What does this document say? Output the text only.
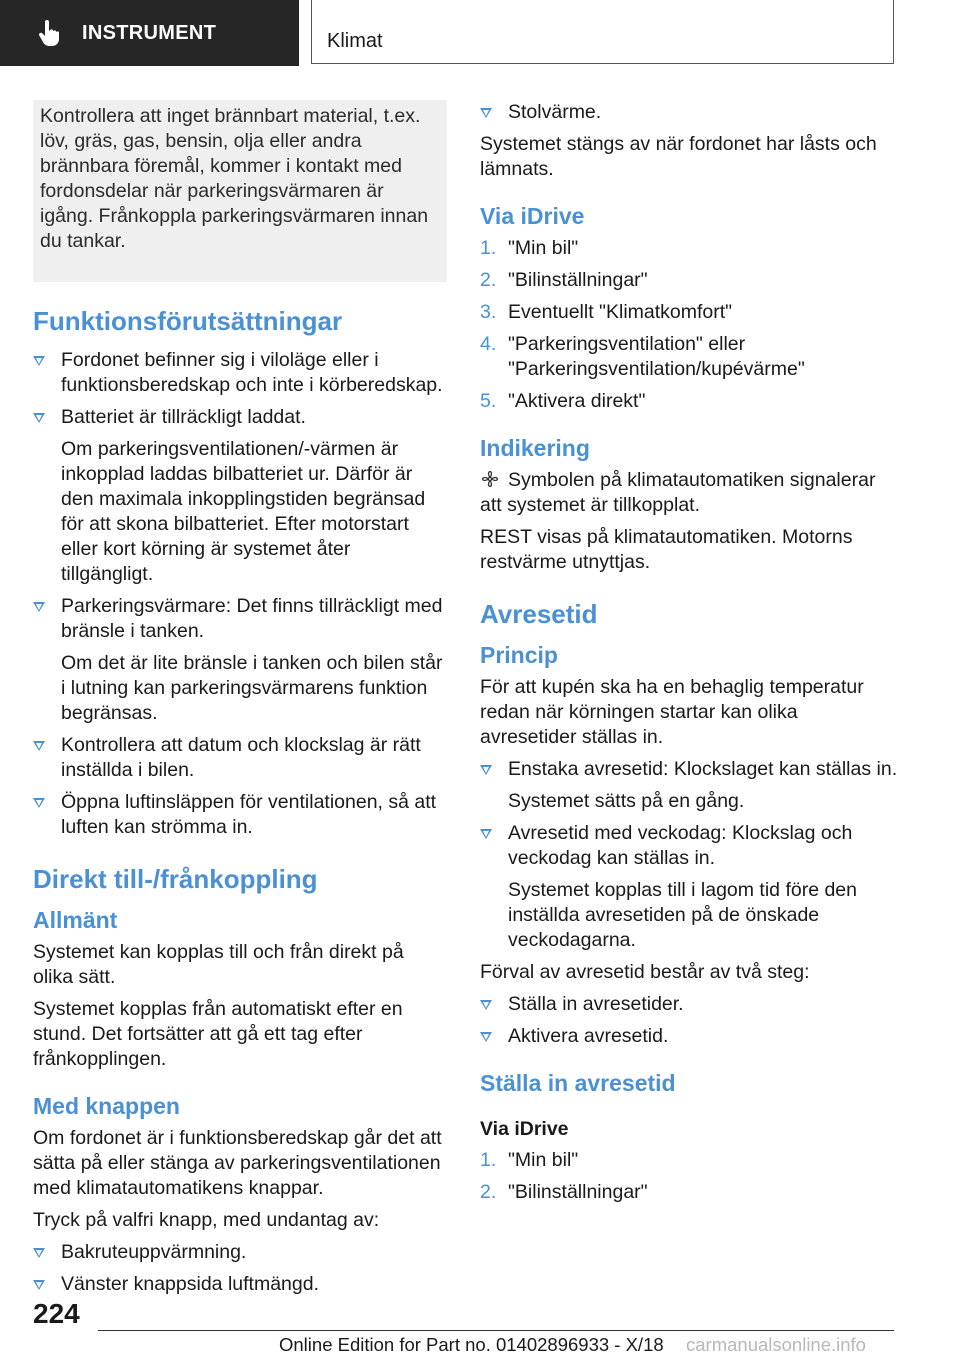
INSTRUMENT	Klimat
Kontrollera att inget brännbart material, t.ex. löv, gräs, gas, bensin, olja eller andra brännbara föremål, kommer i kontakt med fordonsdelar när parkeringsvärmaren är igång. Frånkoppla parkeringsvärmaren innan du tankar.
Funktionsförutsättningar
Fordonet befinner sig i viloläge eller i funktionsberedskap och inte i körberedskap.
Batteriet är tillräckligt laddat.
Om parkeringsventilationen/-värmen är inkopplad laddas bilbatteriet ur. Därför är den maximala inkopplingstiden begränsad för att skona bilbatteriet. Efter motorstart eller kort körning är systemet åter tillgängligt.
Parkeringsvärmare: Det finns tillräckligt med bränsle i tanken.
Om det är lite bränsle i tanken och bilen står i lutning kan parkeringsvärmarens funktion begränsas.
Kontrollera att datum och klockslag är rätt inställda i bilen.
Öppna luftinsläppen för ventilationen, så att luften kan strömma in.
Direkt till-/frånkoppling
Allmänt

Systemet kan kopplas till och från direkt på olika sätt.

Systemet kopplas från automatiskt efter en stund. Det fortsätter att gå ett tag efter frånkopplingen.

Med knappen

Om fordonet är i funktionsberedskap går det att sätta på eller stänga av parkeringsventilationen med klimatautomatikens knappar.

Tryck på valfri knapp, med undantag av:

Bakruteuppvärmning.
Vänster knappsida luftmängd.
Stolvärme.

Systemet stängs av när fordonet har låsts och lämnats.

Via iDrive
1. "Min bil"
2. "Bilinställningar"
3. Eventuellt "Klimatkomfort"
4. "Parkeringsventilation" eller "Parkeringsventilation/kupévärme"
5. "Aktivera direkt"
Indikering

Symbolen på klimatautomatiken signalerar att systemet är tillkopplat.

REST visas på klimatautomatiken. Motorns restvärme utnyttjas.

Avresetid
Princip

För att kupén ska ha en behaglig temperatur redan när körningen startar kan olika avresetider ställas in.

Enstaka avresetid: Klockslaget kan ställas in.
Systemet sätts på en gång.
Avresetid med veckodag: Klockslag och veckodag kan ställas in.
Systemet kopplas till i lagom tid före den inställda avresetiden på de önskade veckodagarna.

Förval av avresetid består av två steg:

Ställa in avresetider.
Aktivera avresetid.
Ställa in avresetid
Via iDrive
1. "Min bil"
2. "Bilinställningar"
224
Online Edition for Part no. 01402896933 - X/18 carmanualsonline.info
